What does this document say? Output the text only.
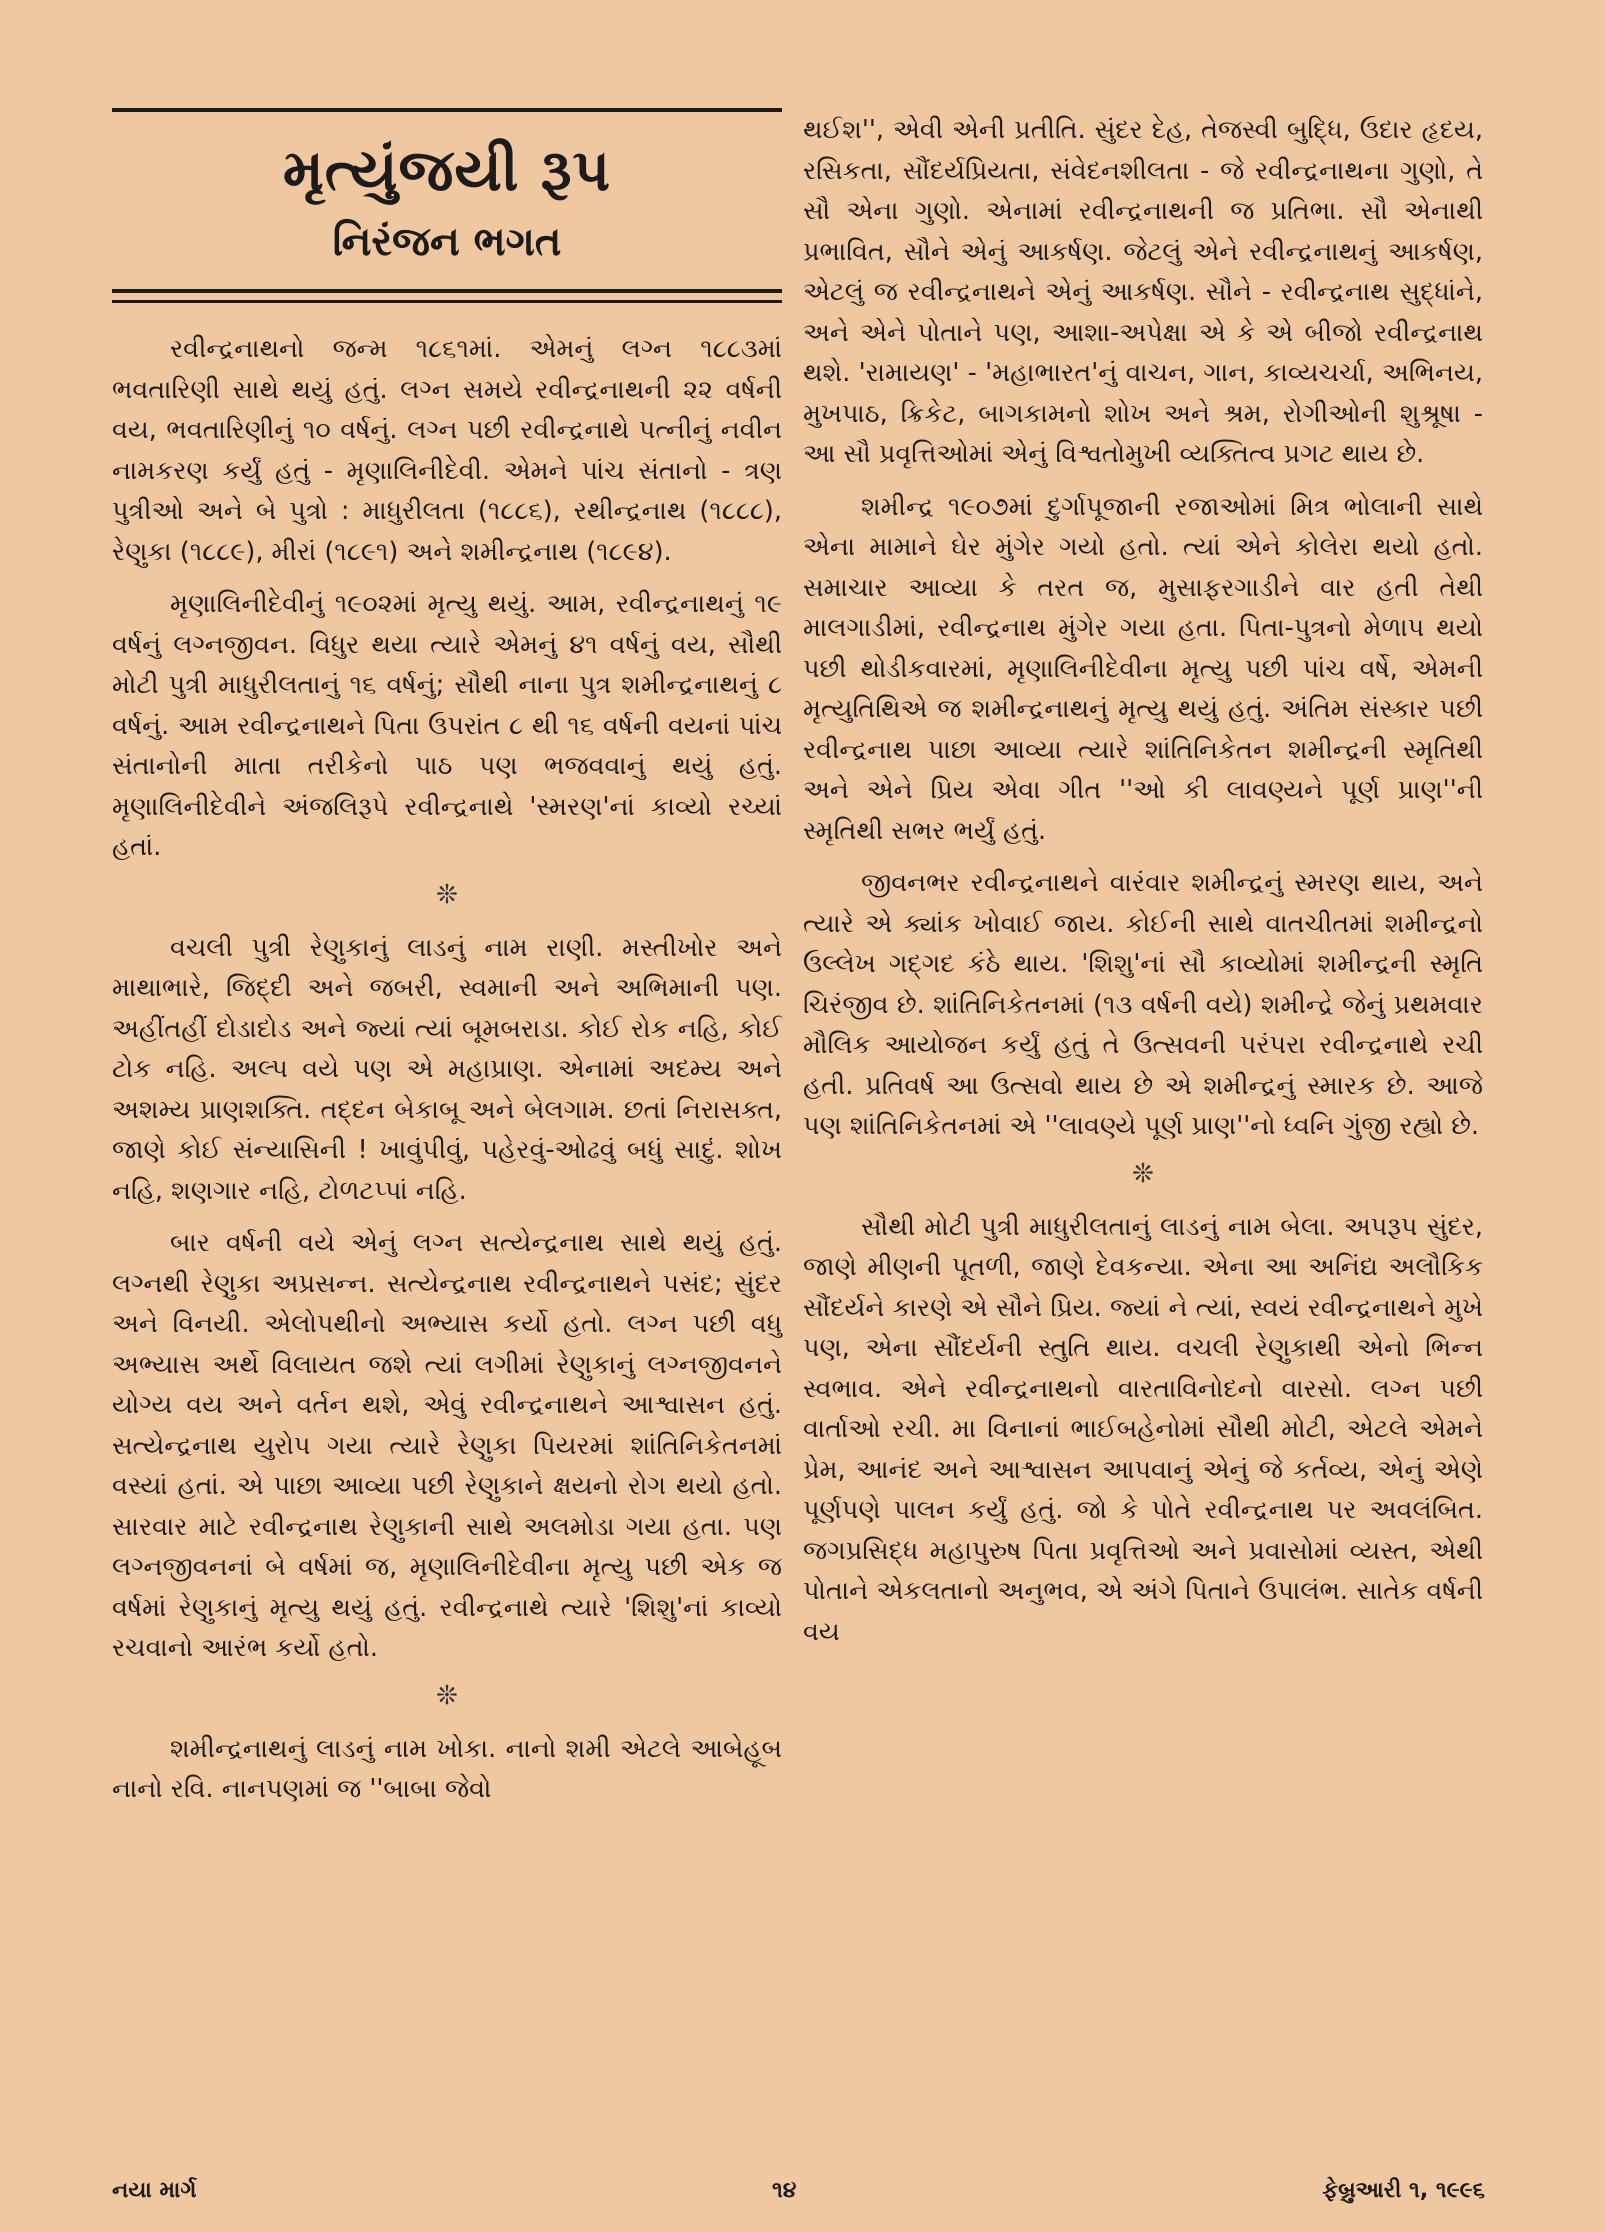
મૃત્યુંજયી રૂપ
નિરંજન ભગત

રવીન્દ્રનાથનો જન્મ ૧૮૬૧માં. એમનું લગ્ન ૧૮૮૩માં ભવતારિણી સાથે થયું હતું. લગ્ન સમયે રવીન્દ્રનાથની ૨૨ વર્ષની વય, ભવતારિણીનું ૧૦ વર્ષનું. લગ્ન પછી રવીન્દ્રનાથે પત્નીનું નવીન નામકરણ કર્યું હતું - મૃણાલિનીદેવી. એમને પાંચ સંતાનો - ત્રણ પુત્રીઓ અને બે પુત્રો : માધુરીલતા (૧૮૮૬), રથીન્દ્રનાથ (૧૮૮૮), રેણુકા (૧૮૮૯), મીરાં (૧૮૯૧) અને શમીન્દ્રનાથ (૧૮૯૪).

મૃણાલિનીદેવીનું ૧૯૦૨માં મૃત્યુ થયું. આમ, રવીન્દ્રનાથનું ૧૯ વર્ષનું લગ્નજીવન. વિધુર થયા ત્યારે એમનું ૪૧ વર્ષનું વય, સૌથી મોટી પુત્રી માધુરીલતાનું ૧૬ વર્ષનું; સૌથી નાના પુત્ર શમીન્દ્રનાથનું ૮ વર્ષનું. આમ રવીન્દ્રનાથને પિતા ઉપરાંત ૮ થી ૧૬ વર્ષની વયનાં પાંચ સંતાનોની માતા તરીકેનો પાઠ પણ ભજવવાનું થયું હતું. મૃણાલિનીદેવીને અંજલિરૂપે રવીન્દ્રનાથે 'સ્મરણ'નાં કાવ્યો રચ્યાં હતાં.

❊

વચલી પુત્રી રેણુકાનું લાડનું નામ રાણી. મસ્તીખોર અને માથાભારે, જિદ્દી અને જબરી, સ્વમાની અને અભિમાની પણ. અહીંતહીં દોડાદોડ અને જ્યાં ત્યાં બૂમબરાડા. કોઈ રોક નહિ, કોઈ ટોક નહિ. અલ્પ વયે પણ એ મહાપ્રાણ. એનામાં અદમ્ય અને અશમ્ય પ્રાણશક્તિ. તદ્દન બેકાબૂ અને બેલગામ. છતાં નિરાસક્ત, જાણે કોઈ સંન્યાસિની ! ખાવુંપીવું, પહેરવું-ઓઢવું બધું સાદું. શોખ નહિ, શણગાર નહિ, ટોળટપ્પાં નહિ.

બાર વર્ષની વયે એનું લગ્ન સત્યેન્દ્રનાથ સાથે થયું હતું. લગ્નથી રેણુકા અપ્રસન્ન. સત્યેન્દ્રનાથ રવીન્દ્રનાથને પસંદ; સુંદર અને વિનયી. એલોપથીનો અભ્યાસ કર્યો હતો. લગ્ન પછી વધુ અભ્યાસ અર્થે વિલાયત જશે ત્યાં લગીમાં રેણુકાનું લગ્નજીવનને યોગ્ય વય અને વર્તન થશે, એવું રવીન્દ્રનાથને આશ્વાસન હતું. સત્યેન્દ્રનાથ યુરોપ ગયા ત્યારે રેણુકા પિયરમાં શાંતિનિકેતનમાં વસ્યાં હતાં. એ પાછા આવ્યા પછી રેણુકાને ક્ષયનો રોગ થયો હતો. સારવાર માટે રવીન્દ્રનાથ રેણુકાની સાથે અલમોડા ગયા હતા. પણ લગ્નજીવનનાં બે વર્ષમાં જ, મૃણાલિનીદેવીના મૃત્યુ પછી એક જ વર્ષમાં રેણુકાનું મૃત્યુ થયું હતું. રવીન્દ્રનાથે ત્યારે 'શિશુ'નાં કાવ્યો રચવાનો આરંભ કર્યો હતો.

❊

શમીન્દ્રનાથનું લાડનું નામ ખોકા. નાનો શમી એટલે આબેહૂબ નાનો રવિ. નાનપણમાં જ ''બાબા જેવો

થઈશ'', એવી એની પ્રતીતિ. સુંદર દેહ, તેજસ્વી બુદ્ધિ, ઉદાર હૃદય, રસિકતા, સૌંદર્યપ્રિયતા, સંવેદનશીલતા - જે રવીન્દ્રનાથના ગુણો, તે સૌ એના ગુણો. એનામાં રવીન્દ્રનાથની જ પ્રતિભા. સૌ એનાથી પ્રભાવિત, સૌને એનું આકર્ષણ. જેટલું એને રવીન્દ્રનાથનું આકર્ષણ, એટલું જ રવીન્દ્રનાથને એનું આકર્ષણ. સૌને - રવીન્દ્રનાથ સુદ્ધાંને, અને એને પોતાને પણ, આશા-અપેક્ષા એ કે એ બીજો રવીન્દ્રનાથ થશે. 'રામાયણ' - 'મહાભારત'નું વાચન, ગાન, કાવ્યચર્ચા, અભિનય, મુખપાઠ, ક્રિકેટ, બાગકામનો શોખ અને શ્રમ, રોગીઓની શુશ્રૂષા - આ સૌ પ્રવૃત્તિઓમાં એનું વિશ્વતોમુખી વ્યક્તિત્વ પ્રગટ થાય છે.

શમીન્દ્ર ૧૯૦૭માં દુર્ગાપૂજાની રજાઓમાં મિત્ર ભોલાની સાથે એના મામાને ઘેર મુંગેર ગયો હતો. ત્યાં એને કોલેરા થયો હતો. સમાચાર આવ્યા કે તરત જ, મુસાફરગાડીને વાર હતી તેથી માલગાડીમાં, રવીન્દ્રનાથ મુંગેર ગયા હતા. પિતા-પુત્રનો મેળાપ થયો પછી થોડીકવારમાં, મૃણાલિનીદેવીના મૃત્યુ પછી પાંચ વર્ષે, એમની મૃત્યુતિથિએ જ શમીન્દ્રનાથનું મૃત્યુ થયું હતું. અંતિમ સંસ્કાર પછી રવીન્દ્રનાથ પાછા આવ્યા ત્યારે શાંતિનિકેતન શમીન્દ્રની સ્મૃતિથી અને એને પ્રિય એવા ગીત ''ઓ કી લાવણ્યને પૂર્ણ પ્રાણ''ની સ્મૃતિથી સભર ભર્યું હતું.

જીવનભર રવીન્દ્રનાથને વારંવાર શમીન્દ્રનું સ્મરણ થાય, અને ત્યારે એ ક્યાંક ખોવાઈ જાય. કોઈની સાથે વાતચીતમાં શમીન્દ્રનો ઉલ્લેખ ગદ્ગદ કંઠે થાય. 'શિશુ'નાં સૌ કાવ્યોમાં શમીન્દ્રની સ્મૃતિ ચિરંજીવ છે. શાંતિનિકેતનમાં (૧૩ વર્ષની વયે) શમીન્દ્રે જેનું પ્રથમવાર મૌલિક આયોજન કર્યું હતું તે ઉત્સવની પરંપરા રવીન્દ્રનાથે રચી હતી. પ્રતિવર્ષ આ ઉત્સવો થાય છે એ શમીન્દ્રનું સ્મારક છે. આજે પણ શાંતિનિકેતનમાં એ ''લાવણ્યે પૂર્ણ પ્રાણ''નો ધ્વનિ ગુંજી રહ્યો છે.

❊

સૌથી મોટી પુત્રી માધુરીલતાનું લાડનું નામ બેલા. અપરૂપ સુંદર, જાણે મીણની પૂતળી, જાણે દેવકન્યા. એના આ અનિંદ્ય અલૌકિક સૌંદર્યને કારણે એ સૌને પ્રિય. જ્યાં ને ત્યાં, સ્વયં રવીન્દ્રનાથને મુખે પણ, એના સૌંદર્યની સ્તુતિ થાય. વચલી રેણુકાથી એનો ભિન્ન સ્વભાવ. એને રવીન્દ્રનાથનો વારતાવિનોદનો વારસો. લગ્ન પછી વાર્તાઓ રચી. મા વિનાનાં ભાઈબહેનોમાં સૌથી મોટી, એટલે એમને પ્રેમ, આનંદ અને આશ્વાસન આપવાનું એનું જે કર્તવ્ય, એનું એણે પૂર્ણપણે પાલન કર્યું હતું. જો કે પોતે રવીન્દ્રનાથ પર અવલંબિત. જગપ્રસિદ્ધ મહાપુરુષ પિતા પ્રવૃત્તિઓ અને પ્રવાસોમાં વ્યસ્ત, એથી પોતાને એકલતાનો અનુભવ, એ અંગે પિતાને ઉપાલંભ. સાતેક વર્ષની વય

નયા માર્ગ	૧૪	ફેબ્રુઆરી ૧, ૧૯૯૬
